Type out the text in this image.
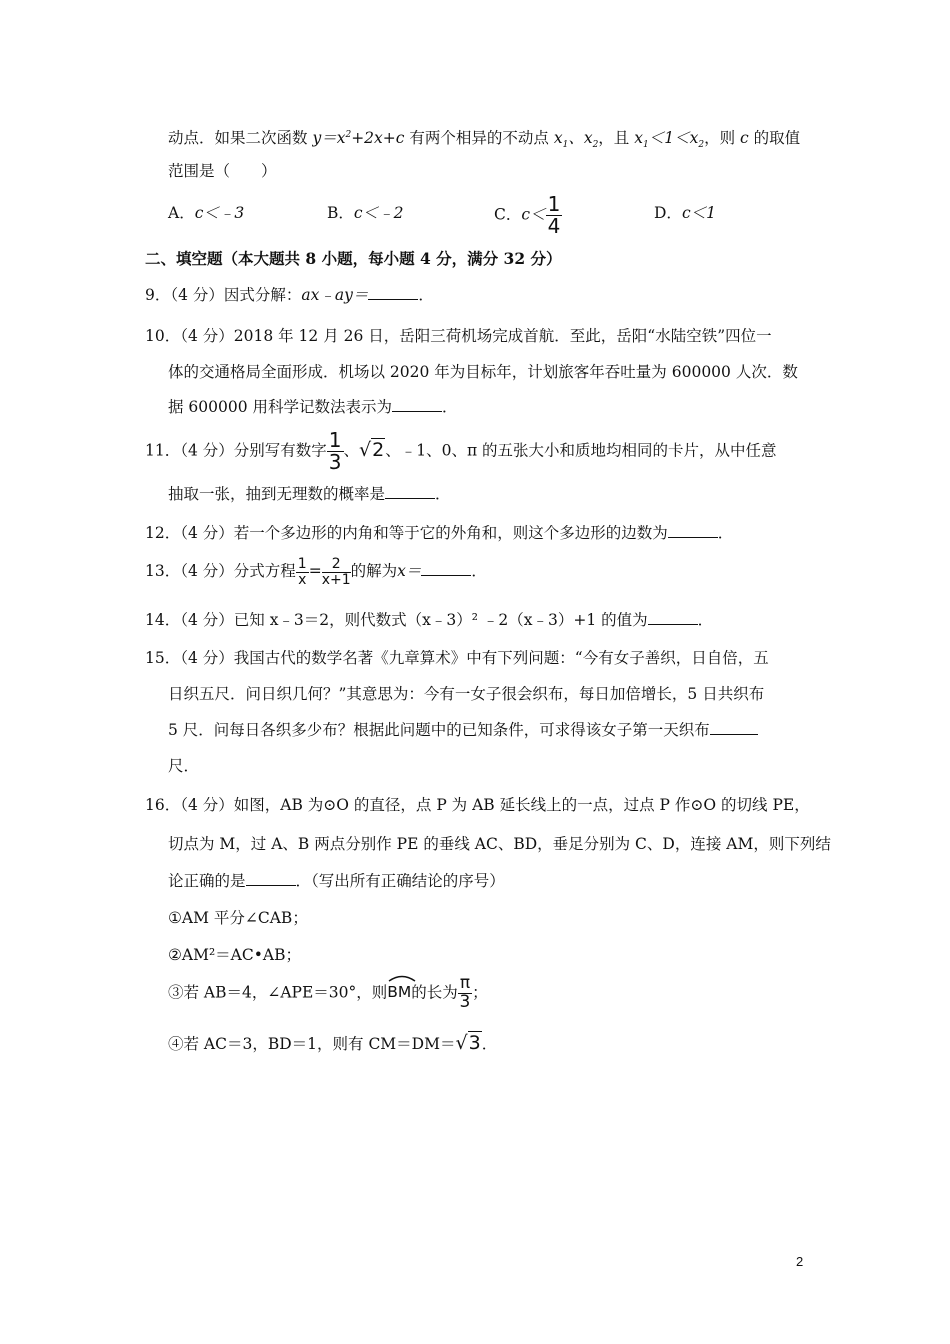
动点．如果二次函数 $y=x^2+2x+c$ 有两个相异的不动点 $x_1$、$x_2$，且 $x_1<1<x_2$，则 c 的取值
范围是（　　）
A．c＜﹣3	B．c＜﹣2	C．$c< \frac{1}{4}$	D．c＜1
二、填空题（本大题共 8 小题，每小题 4 分，满分 32 分）
9．（4 分）因式分解：ax﹣ay＝	．
10．（4 分）2018 年 12 月 26 日，岳阳三荷机场完成首航．至此，岳阳“水陆空铁”四位一
体的交通格局全面形成．机场以 2020 年为目标年，计划旅客年吞吐量为 600000 人次．数
据 600000 用科学记数法表示为	．
11．（4 分）分别写有数字 $\frac{1}{3}$ 、√2、﹣1、0、π 的五张大小和质地均相同的卡片，从中任意
抽取一张，抽到无理数的概率是	．
12．（4 分）若一个多边形的内角和等于它的外角和，则这个多边形的边数为	．
13．（4 分）分式方程 $\frac{1}{x} = \frac{2}{x+1}$ 的解为x＝	．
14．（4 分）已知 x﹣3＝2，则代数式（x﹣3）² ﹣2（x﹣3）+1 的值为	．
15．（4 分）我国古代的数学名著《九章算术》中有下列问题：“今有女子善织，日自倍，五
日织五尺．问日织几何？”其意思为：今有一女子很会织布，每日加倍增长，5 日共织布
5 尺．问每日各织多少布？根据此问题中的已知条件，可求得该女子第一天织布
尺．
16．（4 分）如图，AB 为⊙O 的直径，点 P 为 AB 延长线上的一点，过点 P 作⊙O 的切线 PE，
切点为 M，过 A、B 两点分别作 PE 的垂线 AC、BD，垂足分别为 C、D，连接 AM，则下列结
论正确的是	．（写出所有正确结论的序号）
①AM 平分∠CAB；
②AM²＝AC•AB；
③若 AB＝4，∠APE＝30°，则
BM的长为 $\frac{\pi}{3}$ ；
④若 AC＝3，BD＝1，则有 CM＝DM＝√3．
2
